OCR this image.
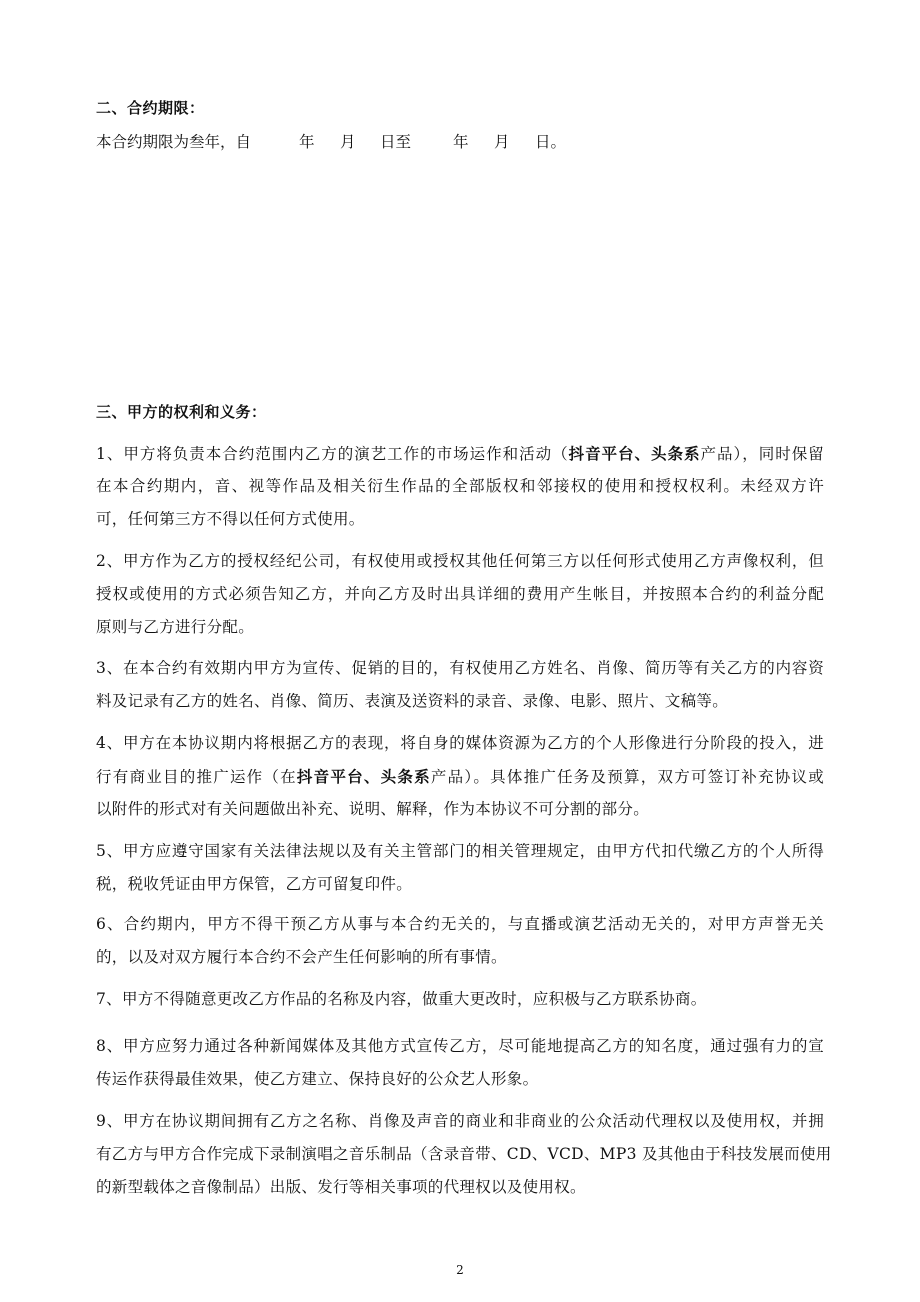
二、合约期限：
本合约期限为叁年，自	年 月 日至	年 月 日。
三、甲方的权利和义务：
1、甲方将负责本合约范围内乙方的演艺工作的市场运作和活动（抖音平台、头条系产品），同时保留
在本合约期内，音、视等作品及相关衍生作品的全部版权和邻接权的使用和授权权利。未经双方许
可，任何第三方不得以任何方式使用。
2、甲方作为乙方的授权经纪公司，有权使用或授权其他任何第三方以任何形式使用乙方声像权利，但
授权或使用的方式必须告知乙方，并向乙方及时出具详细的费用产生帐目，并按照本合约的利益分配
原则与乙方进行分配。
3、在本合约有效期内甲方为宣传、促销的目的，有权使用乙方姓名、肖像、简历等有关乙方的内容资
料及记录有乙方的姓名、肖像、简历、表演及送资料的录音、录像、电影、照片、文稿等。
4、甲方在本协议期内将根据乙方的表现，将自身的媒体资源为乙方的个人形像进行分阶段的投入，进
行有商业目的推广运作（在抖音平台、头条系产品）。具体推广任务及预算，双方可签订补充协议或
以附件的形式对有关问题做出补充、说明、解释，作为本协议不可分割的部分。
5、甲方应遵守国家有关法律法规以及有关主管部门的相关管理规定，由甲方代扣代缴乙方的个人所得
税，税收凭证由甲方保管，乙方可留复印件。
6、合约期内，甲方不得干预乙方从事与本合约无关的，与直播或演艺活动无关的，对甲方声誉无关
的，以及对双方履行本合约不会产生任何影响的所有事情。
7、甲方不得随意更改乙方作品的名称及内容，做重大更改时，应积极与乙方联系协商。
8、甲方应努力通过各种新闻媒体及其他方式宣传乙方，尽可能地提高乙方的知名度，通过强有力的宣
传运作获得最佳效果，使乙方建立、保持良好的公众艺人形象。
9、甲方在协议期间拥有乙方之名称、肖像及声音的商业和非商业的公众活动代理权以及使用权，并拥
有乙方与甲方合作完成下录制演唱之音乐制品（含录音带、CD、VCD、MP3 及其他由于科技发展而使用
的新型载体之音像制品）出版、发行等相关事项的代理权以及使用权。
2
